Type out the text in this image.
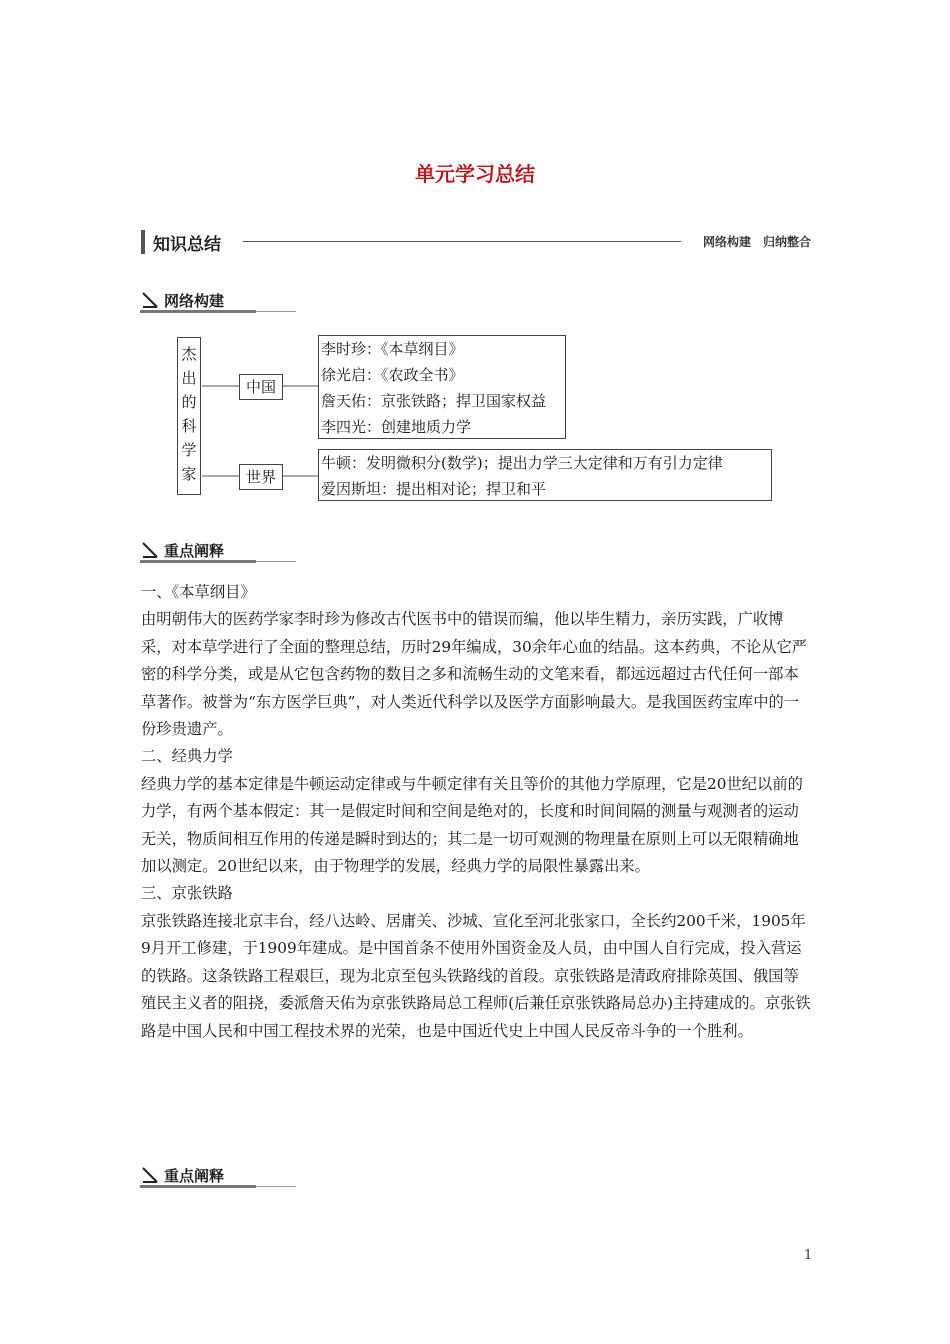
单元学习总结
知识总结	网络构建　归纳整合
网络构建
杰
出
的
科
学
家
中国
世界
李时珍：《本草纲目》
徐光启：《农政全书》
詹天佑：京张铁路；捍卫国家权益
李四光：创建地质力学
牛顿：发明微积分(数学)；提出力学三大定律和万有引力定律
爱因斯坦：提出相对论；捍卫和平
重点阐释

一、《本草纲目》

由明朝伟大的医药学家李时珍为修改古代医书中的错误而编，他以毕生精力，亲历实践，广收博采，对本草学进行了全面的整理总结，历时29年编成，30余年心血的结晶。这本药典，不论从它严密的科学分类，或是从它包含药物的数目之多和流畅生动的文笔来看，都远远超过古代任何一部本草著作。被誉为“东方医学巨典”，对人类近代科学以及医学方面影响最大。是我国医药宝库中的一份珍贵遗产。

二、经典力学

经典力学的基本定律是牛顿运动定律或与牛顿定律有关且等价的其他力学原理，它是20世纪以前的力学，有两个基本假定：其一是假定时间和空间是绝对的，长度和时间间隔的测量与观测者的运动无关，物质间相互作用的传递是瞬时到达的；其二是一切可观测的物理量在原则上可以无限精确地加以测定。20世纪以来，由于物理学的发展，经典力学的局限性暴露出来。

三、京张铁路

京张铁路连接北京丰台，经八达岭、居庸关、沙城、宣化至河北张家口，全长约200千米，1905年9月开工修建，于1909年建成。是中国首条不使用外国资金及人员，由中国人自行完成，投入营运的铁路。这条铁路工程艰巨，现为北京至包头铁路线的首段。京张铁路是清政府排除英国、俄国等殖民主义者的阻挠，委派詹天佑为京张铁路局总工程师(后兼任京张铁路局总办)主持建成的。京张铁路是中国人民和中国工程技术界的光荣，也是中国近代史上中国人民反帝斗争的一个胜利。

重点阐释
1
